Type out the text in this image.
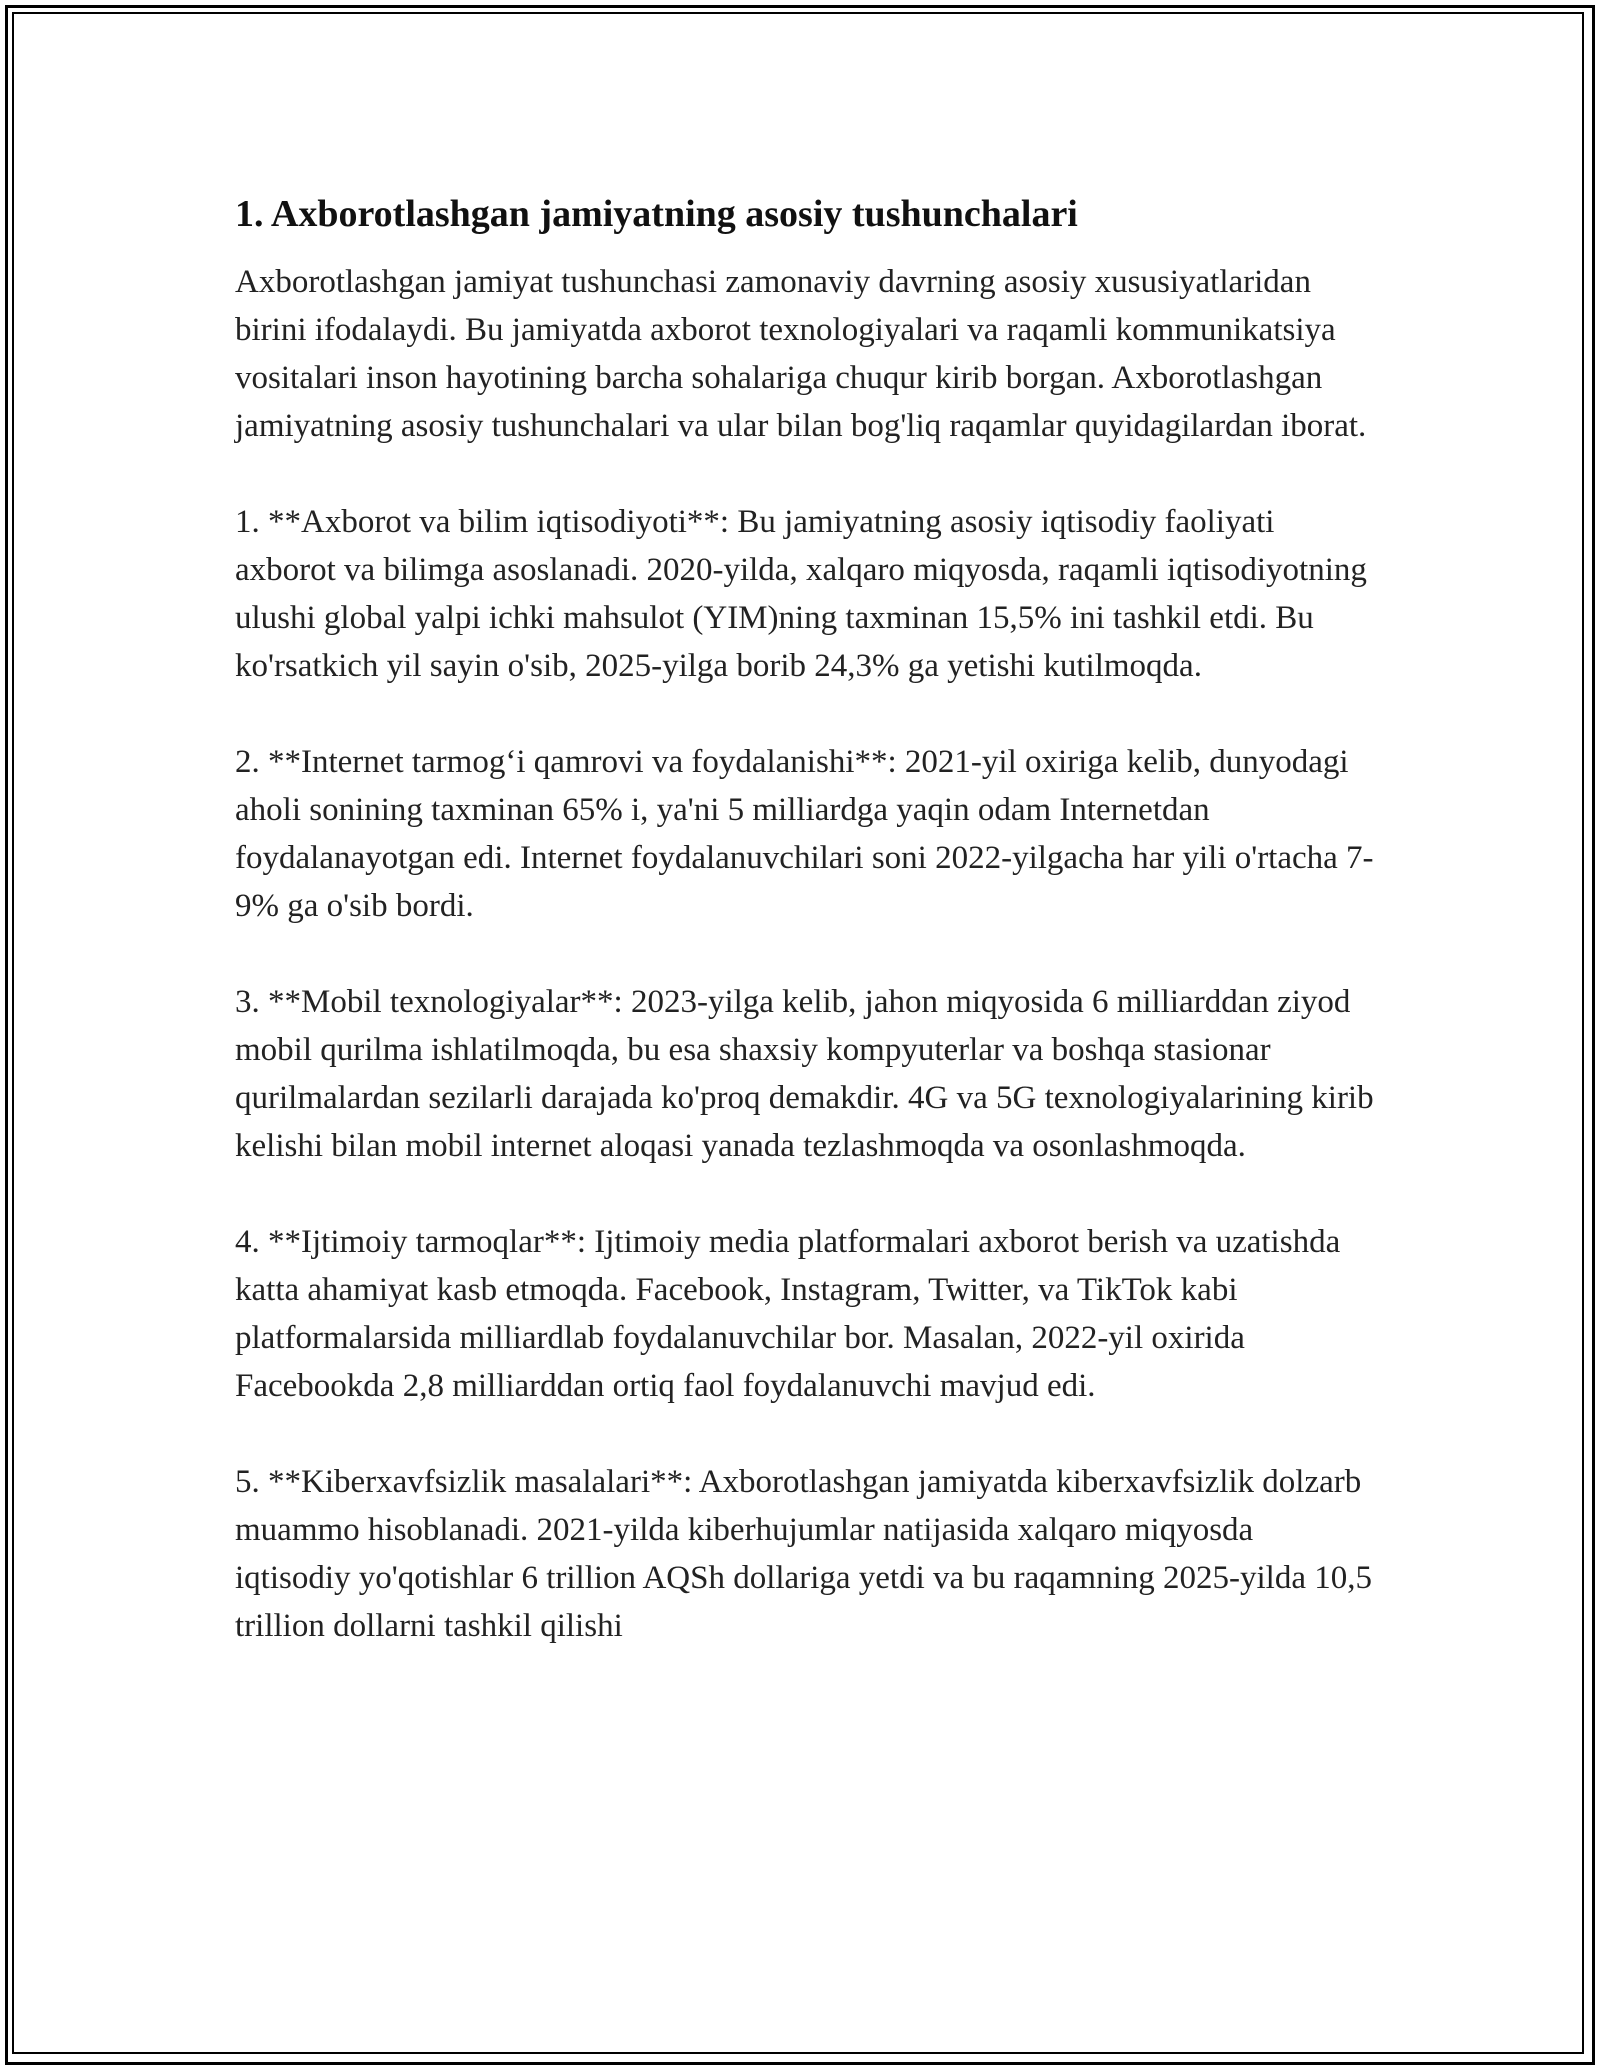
1. Axborotlashgan jamiyatning asosiy tushunchalari

Axborotlashgan jamiyat tushunchasi zamonaviy davrning asosiy xususiyatlaridan birini ifodalaydi. Bu jamiyatda axborot texnologiyalari va raqamli kommunikatsiya vositalari inson hayotining barcha sohalariga chuqur kirib borgan. Axborotlashgan jamiyatning asosiy tushunchalari va ular bilan bog'liq raqamlar quyidagilardan iborat.

1. **Axborot va bilim iqtisodiyoti**: Bu jamiyatning asosiy iqtisodiy faoliyati axborot va bilimga asoslanadi. 2020-yilda, xalqaro miqyosda, raqamli iqtisodiyotning ulushi global yalpi ichki mahsulot (YIM)ning taxminan 15,5% ini tashkil etdi. Bu ko'rsatkich yil sayin o'sib, 2025-yilga borib 24,3% ga yetishi kutilmoqda.

2. **Internet tarmog‘i qamrovi va foydalanishi**: 2021-yil oxiriga kelib, dunyodagi aholi sonining taxminan 65% i, ya'ni 5 milliardga yaqin odam Internetdan foydalanayotgan edi. Internet foydalanuvchilari soni 2022-yilgacha har yili o'rtacha 7-9% ga o'sib bordi.

3. **Mobil texnologiyalar**: 2023-yilga kelib, jahon miqyosida 6 milliarddan ziyod mobil qurilma ishlatilmoqda, bu esa shaxsiy kompyuterlar va boshqa stasionar qurilmalardan sezilarli darajada ko'proq demakdir. 4G va 5G texnologiyalarining kirib kelishi bilan mobil internet aloqasi yanada tezlashmoqda va osonlashmoqda.

4. **Ijtimoiy tarmoqlar**: Ijtimoiy media platformalari axborot berish va uzatishda katta ahamiyat kasb etmoqda. Facebook, Instagram, Twitter, va TikTok kabi platformalarsida milliardlab foydalanuvchilar bor. Masalan, 2022-yil oxirida Facebookda 2,8 milliarddan ortiq faol foydalanuvchi mavjud edi.

5. **Kiberxavfsizlik masalalari**: Axborotlashgan jamiyatda kiberxavfsizlik dolzarb muammo hisoblanadi. 2021-yilda kiberhujumlar natijasida xalqaro miqyosda iqtisodiy yo'qotishlar 6 trillion AQSh dollariga yetdi va bu raqamning 2025-yilda 10,5 trillion dollarni tashkil qilishi
